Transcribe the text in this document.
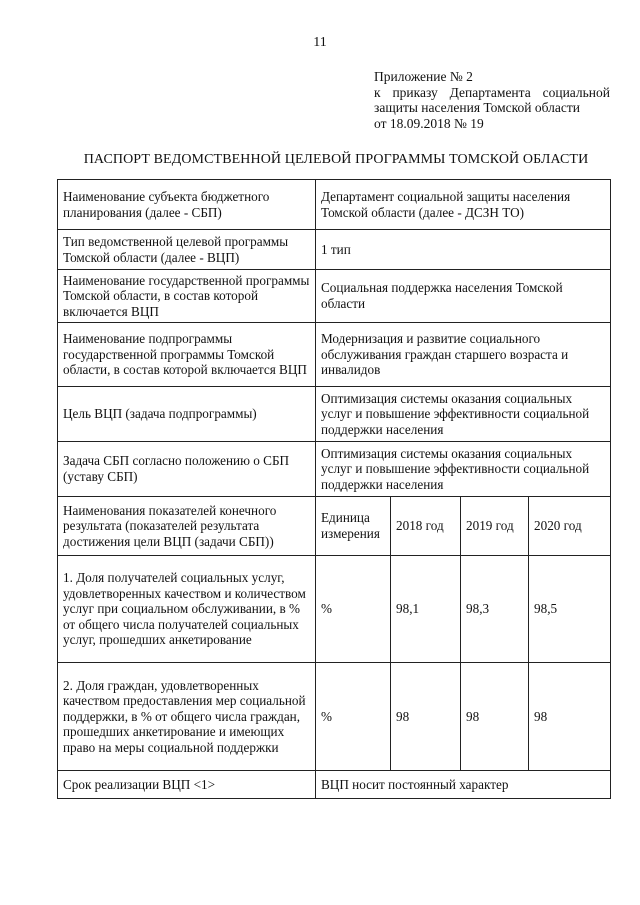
11
Приложение № 2
к приказу Департамента социальной
защиты населения Томской области
от 18.09.2018 № 19
ПАСПОРТ ВЕДОМСТВЕННОЙ ЦЕЛЕВОЙ ПРОГРАММЫ ТОМСКОЙ ОБЛАСТИ
Наименование субъекта бюджетного планирования (далее - СБП)	Департамент социальной защиты населения Томской области (далее - ДСЗН ТО)			
Тип ведомственной целевой программы Томской области (далее - ВЦП)	1 тип			
Наименование государственной программы Томской области, в состав которой включается ВЦП	Социальная поддержка населения Томской области			
Наименование подпрограммы государственной программы Томской области, в состав которой включается ВЦП	Модернизация и развитие социального обслуживания граждан старшего возраста и инвалидов			
Цель ВЦП (задача подпрограммы)	Оптимизация системы оказания социальных услуг и повышение эффективности социальной поддержки населения			
Задача СБП согласно положению о СБП (уставу СБП)	Оптимизация системы оказания социальных услуг и повышение эффективности социальной поддержки населения			
Наименования показателей конечного результата (показателей результата достижения цели ВЦП (задачи СБП))	Единица измерения	2018 год	2019 год	2020 год
1. Доля получателей социальных услуг, удовлетворенных качеством и количеством услуг при социальном обслуживании, в % от общего числа получателей социальных услуг, прошедших анкетирование	%	98,1	98,3	98,5
2. Доля граждан, удовлетворенных качеством предоставления мер социальной поддержки, в % от общего числа граждан, прошедших анкетирование и имеющих право на меры социальной поддержки	%	98	98	98
Срок реализации ВЦП <1>	ВЦП носит постоянный характер			
